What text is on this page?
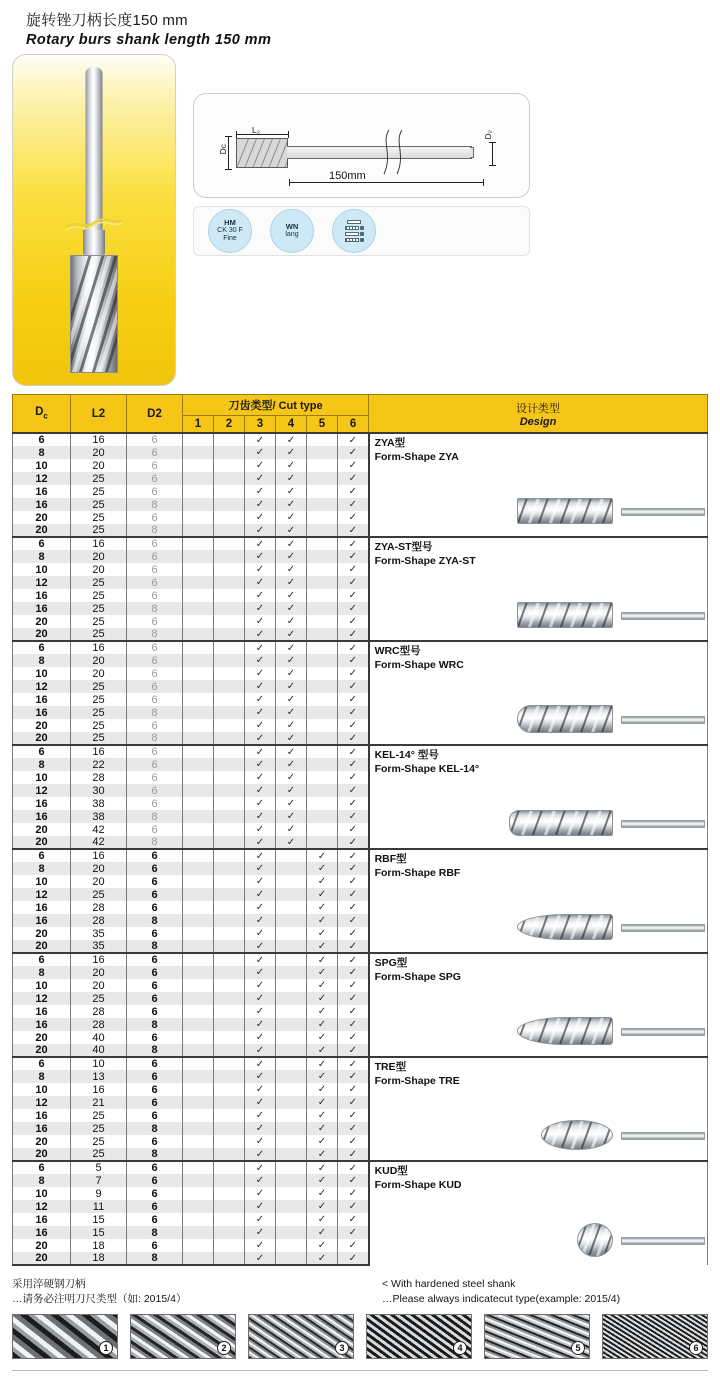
旋转锉刀柄长度150 mm
Rotary burs shank length 150 mm
Dc
L₂	D₂
150mm
HM
CK 30 F
Fine
WN
lang
$D_c$	L2	D2	刀齿类型/ Cut type						设计类型
Design

			1	2	3	4	5	6	
6	16	6			✓	✓		✓	ZYA型
Form-Shape ZYA

8	20	6			✓	✓		✓	
10	20	6			✓	✓		✓	
12	25	6			✓	✓		✓	
16	25	6			✓	✓		✓	
16	25	8			✓	✓		✓	
20	25	6			✓	✓		✓	
20	25	8			✓	✓		✓	
6	16	6			✓	✓		✓	ZYA-ST型号
Form-Shape ZYA-ST

8	20	6			✓	✓		✓	
10	20	6			✓	✓		✓	
12	25	6			✓	✓		✓	
16	25	6			✓	✓		✓	
16	25	8			✓	✓		✓	
20	25	6			✓	✓		✓	
20	25	8			✓	✓		✓	
6	16	6			✓	✓		✓	WRC型号
Form-Shape WRC

8	20	6			✓	✓		✓	
10	20	6			✓	✓		✓	
12	25	6			✓	✓		✓	
16	25	6			✓	✓		✓	
16	25	8			✓	✓		✓	
20	25	6			✓	✓		✓	
20	25	8			✓	✓		✓	
6	16	6			✓	✓		✓	KEL-14° 型号
Form-Shape KEL-14°

8	22	6			✓	✓		✓	
10	28	6			✓	✓		✓	
12	30	6			✓	✓		✓	
16	38	6			✓	✓		✓	
16	38	8			✓	✓		✓	
20	42	6			✓	✓		✓	
20	42	8			✓	✓		✓	
6	16	6			✓		✓	✓	RBF型
Form-Shape RBF

8	20	6			✓		✓	✓	
10	20	6			✓		✓	✓	
12	25	6			✓		✓	✓	
16	28	6			✓		✓	✓	
16	28	8			✓		✓	✓	
20	35	6			✓		✓	✓	
20	35	8			✓		✓	✓	
6	16	6			✓		✓	✓	SPG型
Form-Shape SPG

8	20	6			✓		✓	✓	
10	20	6			✓		✓	✓	
12	25	6			✓		✓	✓	
16	28	6			✓		✓	✓	
16	28	8			✓		✓	✓	
20	40	6			✓		✓	✓	
20	40	8			✓		✓	✓	
6	10	6			✓		✓	✓	TRE型
Form-Shape TRE

8	13	6			✓		✓	✓	
10	16	6			✓		✓	✓	
12	21	6			✓		✓	✓	
16	25	6			✓		✓	✓	
16	25	8			✓		✓	✓	
20	25	6			✓		✓	✓	
20	25	8			✓		✓	✓	
6	5	6			✓		✓	✓	KUD型
Form-Shape KUD

8	7	6			✓		✓	✓	
10	9	6			✓		✓	✓	
12	11	6			✓		✓	✓	
16	15	6			✓		✓	✓	
16	15	8			✓		✓	✓	
20	18	6			✓		✓	✓	
20	18	8			✓		✓	✓	
采用淬硬钢刀柄
…请务必注明刀尺类型（如: 2015/4）
< With hardened steel shank
…Please always indicatecut type(example: 2015/4)
1	2	3	4	5	6
